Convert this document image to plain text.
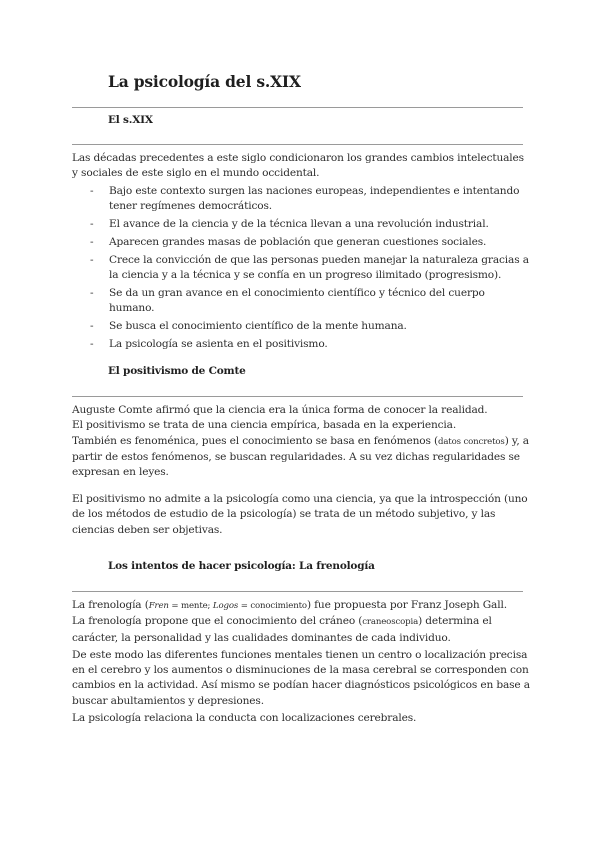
La psicología del s.XIX
El s.XIX

Las décadas precedentes a este siglo condicionaron los grandes cambios intelectuales y sociales de este siglo en el mundo occidental.

- Bajo este contexto surgen las naciones europeas, independientes e intentando tener regímenes democráticos.
- El avance de la ciencia y de la técnica llevan a una revolución industrial.
- Aparecen grandes masas de población que generan cuestiones sociales.
- Crece la convicción de que las personas pueden manejar la naturaleza gracias a la ciencia y a la técnica y se confía en un progreso ilimitado (progresismo).
- Se da un gran avance en el conocimiento científico y técnico del cuerpo humano.
- Se busca el conocimiento científico de la mente humana.
- La psicología se asienta en el positivismo.
El positivismo de Comte

Auguste Comte afirmó que la ciencia era la única forma de conocer la realidad.

El positivismo se trata de una ciencia empírica, basada en la experiencia.

También es fenoménica, pues el conocimiento se basa en fenómenos (datos concretos) y, a partir de estos fenómenos, se buscan regularidades. A su vez dichas regularidades se expresan en leyes.

El positivismo no admite a la psicología como una ciencia, ya que la introspección (uno de los métodos de estudio de la psicología) se trata de un método subjetivo, y las ciencias deben ser objetivas.

Los intentos de hacer psicología: La frenología

La frenología (Fren = mente; Logos = conocimiento) fue propuesta por Franz Joseph Gall.

La frenología propone que el conocimiento del cráneo (craneoscopia) determina el carácter, la personalidad y las cualidades dominantes de cada individuo.

De este modo las diferentes funciones mentales tienen un centro o localización precisa en el cerebro y los aumentos o disminuciones de la masa cerebral se corresponden con cambios en la actividad. Así mismo se podían hacer diagnósticos psicológicos en base a buscar abultamientos y depresiones.

La psicología relaciona la conducta con localizaciones cerebrales.
